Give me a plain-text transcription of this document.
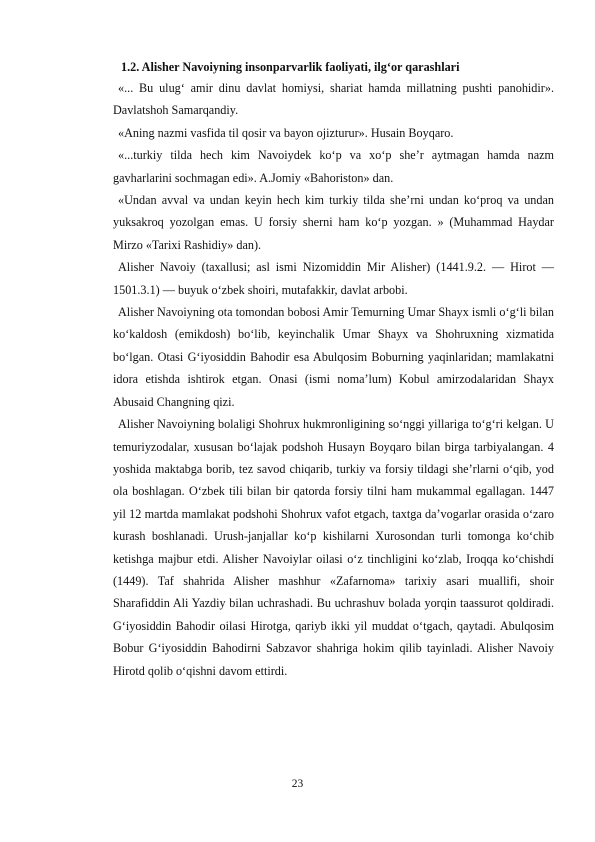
1.2. Alisher Navoiyning insonparvarlik faoliyati, ilg‘or qarashlari

«... Bu ulug‘ amir dinu davlat homiysi, shariat hamda millatning pushti panohidir». Davlatshoh Samarqandiy.

«Aning nazmi vasfida til qosir va bayon ojizturur». Husain Boyqaro.

«...turkiy tilda hech kim Navoiydek ko‘p va xo‘p she’r aytmagan hamda nazm gavharlarini sochmagan edi». A.Jomiy «Bahoriston» dan.

«Undan avval va undan keyin hech kim turkiy tilda she’rni undan ko‘proq va undan yuksakroq yozolgan emas. U forsiy sherni ham ko‘p yozgan. » (Muhammad Haydar Mirzo «Tarixi Rashidiy» dan).

Alisher Navoiy (taxallusi; asl ismi Nizomiddin Mir Alisher) (1441.9.2. — Hirot — 1501.3.1) — buyuk o‘zbek shoiri, mutafakkir, davlat arbobi.

Alisher Navoiyning ota tomondan bobosi Amir Temurning Umar Shayx ismli o‘g‘li bilan ko‘kaldosh (emikdosh) bo‘lib, keyinchalik Umar Shayx va Shohruxning xizmatida bo‘lgan. Otasi G‘iyosiddin Bahodir esa Abulqosim Boburning yaqinlaridan; mamlakatni idora etishda ishtirok etgan. Onasi (ismi noma’lum) Kobul amirzodalaridan Shayx Abusaid Changning qizi.

Alisher Navoiyning bolaligi Shohrux hukmronligining so‘nggi yillariga to‘g‘ri kelgan. U temuriyzodalar, xususan bo‘lajak podshoh Husayn Boyqaro bilan birga tarbiyalangan. 4 yoshida maktabga borib, tez savod chiqarib, turkiy va forsiy tildagi she’rlarni o‘qib, yod ola boshlagan. O‘zbek tili bilan bir qatorda forsiy tilni ham mukammal egallagan. 1447 yil 12 martda mamlakat podshohi Shohrux vafot etgach, taxtga da’vogarlar orasida o‘zaro kurash boshlanadi. Urush-janjallar ko‘p kishilarni Xurosondan turli tomonga ko‘chib ketishga majbur etdi. Alisher Navoiylar oilasi o‘z tinchligini ko‘zlab, Iroqqa ko‘chishdi (1449). Taf shahrida Alisher mashhur «Zafarnoma» tarixiy asari muallifi, shoir Sharafiddin Ali Yazdiy bilan uchrashadi. Bu uchrashuv bolada yorqin taassurot qoldiradi. G‘iyosiddin Bahodir oilasi Hirotga, qariyb ikki yil muddat o‘tgach, qaytadi. Abulqosim Bobur G‘iyosiddin Bahodirni Sabzavor shahriga hokim qilib tayinladi. Alisher Navoiy Hirotd qolib o‘qishni davom ettirdi.

23
